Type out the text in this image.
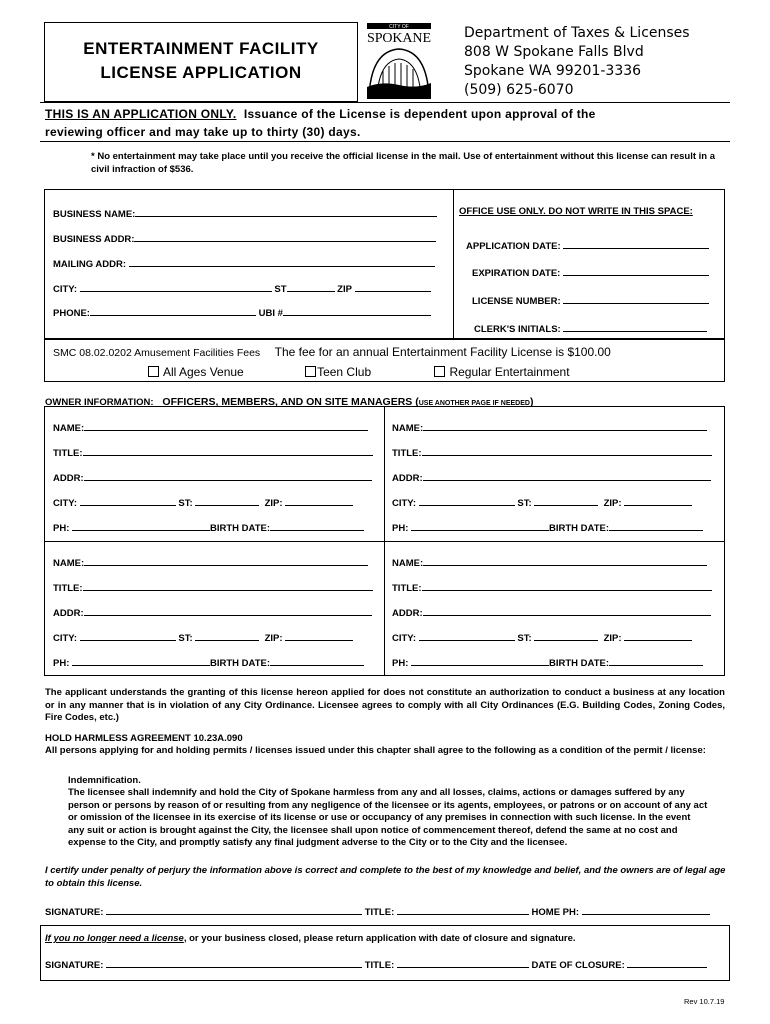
ENTERTAINMENT FACILITY
LICENSE APPLICATION
CITY OF
SPOKANE Department of Taxes & Licenses
808 W Spokane Falls Blvd
Spokane WA 99201-3336
(509) 625-6070
THIS IS AN APPLICATION ONLY. Issuance of the License is dependent upon approval of the
reviewing officer and may take up to thirty (30) days.
* No entertainment may take place until you receive the official license in the mail. Use of entertainment without this license can result in a civil infraction of $536.
BUSINESS NAME:
BUSINESS ADDR:
MAILING ADDR:
CITY:	ST	ZIP
PHONE:	UBI #
OFFICE USE ONLY. DO NOT WRITE IN THIS SPACE:
APPLICATION DATE:
EXPIRATION DATE:
LICENSE NUMBER:
CLERK'S INITIALS:
SMC 08.02.0202 Amusement Facilities Fees The fee for an annual Entertainment Facility License is $100.00
All Ages Venue	Teen Club	Regular Entertainment
OWNER INFORMATION: OFFICERS, MEMBERS, AND ON SITE MANAGERS (USE ANOTHER PAGE IF NEEDED)
NAME:
TITLE:
ADDR:
CITY:	ST:	ZIP:
PH:	BIRTH DATE:
NAME:
TITLE:
ADDR:
CITY:	ST:	ZIP:
PH:	BIRTH DATE:
NAME:
TITLE:
ADDR:
CITY:	ST:	ZIP:
PH:	BIRTH DATE:
NAME:
TITLE:
ADDR:
CITY:	ST:	ZIP:
PH:	BIRTH DATE:
The applicant understands the granting of this license hereon applied for does not constitute an authorization to conduct a business at any location or in any manner that is in violation of any City Ordinance. Licensee agrees to comply with all City Ordinances (E.G. Building Codes, Zoning Codes, Fire Codes, etc.)
HOLD HARMLESS AGREEMENT 10.23A.090
All persons applying for and holding permits / licenses issued under this chapter shall agree to the following as a condition of the permit / license:
Indemnification.
The licensee shall indemnify and hold the City of Spokane harmless from any and all losses, claims, actions or damages suffered by any person or persons by reason of or resulting from any negligence of the licensee or its agents, employees, or patrons or on account of any act or omission of the licensee in its exercise of its license or use or occupancy of any premises in connection with such license. In the event any suit or action is brought against the City, the licensee shall upon notice of commencement thereof, defend the same at no cost and expense to the City, and promptly satisfy any final judgment adverse to the City or to the City and the licensee.
I certify under penalty of perjury the information above is correct and complete to the best of my knowledge and belief, and the owners are of legal age to obtain this license.
SIGNATURE:	TITLE:	HOME PH:
If you no longer need a license, or your business closed, please return application with date of closure and signature.
SIGNATURE:	TITLE:	DATE OF CLOSURE:
Rev 10.7.19
